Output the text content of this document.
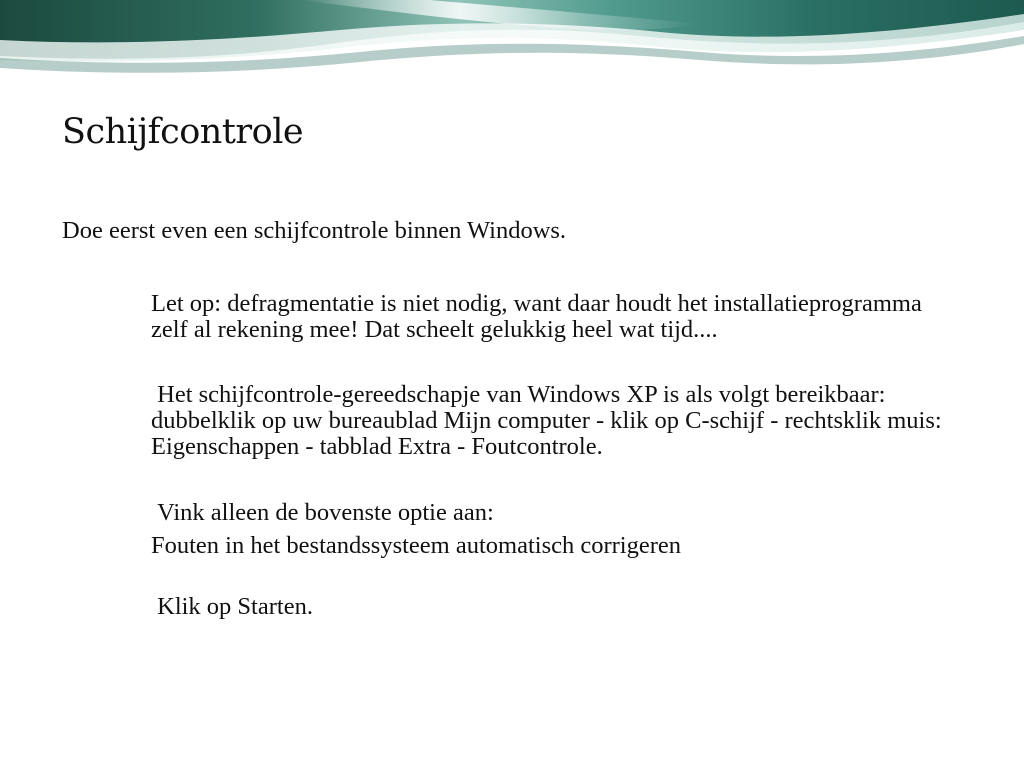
Schijfcontrole

Doe eerst even een schijfcontrole binnen Windows.

Let op: defragmentatie is niet nodig, want daar houdt het installatieprogramma zelf al rekening mee! Dat scheelt gelukkig heel wat tijd....

Het schijfcontrole-gereedschapje van Windows XP is als volgt bereikbaar: dubbelklik op uw bureaublad Mijn computer - klik op C-schijf - rechtsklik muis: Eigenschappen - tabblad Extra - Foutcontrole.

Vink alleen de bovenste optie aan:

Fouten in het bestandssysteem automatisch corrigeren

Klik op Starten.
